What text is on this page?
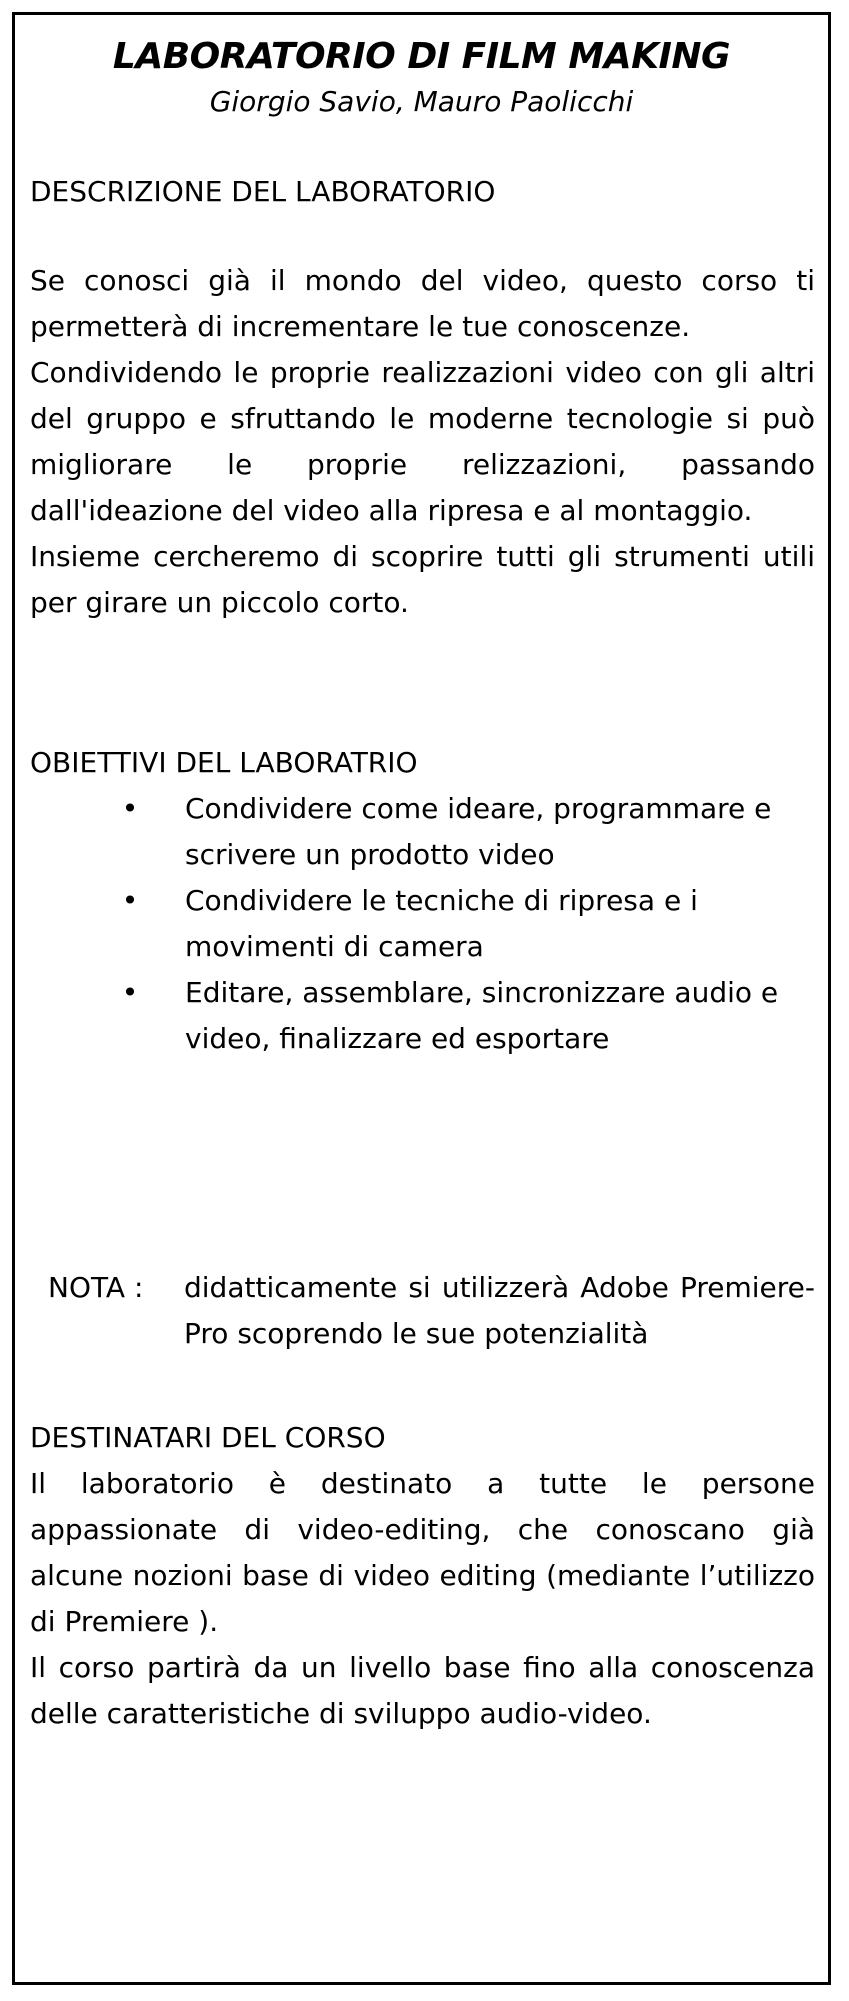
LABORATORIO DI FILM MAKING
Giorgio Savio, Mauro Paolicchi
DESCRIZIONE DEL LABORATORIO

Se conosci già il mondo del video, questo corso ti permetterà di incrementare le tue conoscenze.

Condividendo le proprie realizzazioni video con gli altri del gruppo e sfruttando le moderne tecnologie si può migliorare le proprie relizzazioni, passando dall'ideazione del video alla ripresa e al montaggio.

Insieme cercheremo di scoprire tutti gli strumenti utili per girare un piccolo corto.

OBIETTIVI DEL LABORATRIO
• Condividere come ideare, programmare e scrivere un prodotto video
• Condividere le tecniche di ripresa e i movimenti di camera
• Editare, assemblare, sincronizzare audio e video, finalizzare ed esportare
NOTA : didatticamente si utilizzerà Adobe Premiere-Pro scoprendo le sue potenzialità

DESTINATARI DEL CORSO

Il laboratorio è destinato a tutte le persone appassionate di video-editing, che conoscano già alcune nozioni base di video editing (mediante l’utilizzo di Premiere ).

Il corso partirà da un livello base fino alla conoscenza delle caratteristiche di sviluppo audio-video.
